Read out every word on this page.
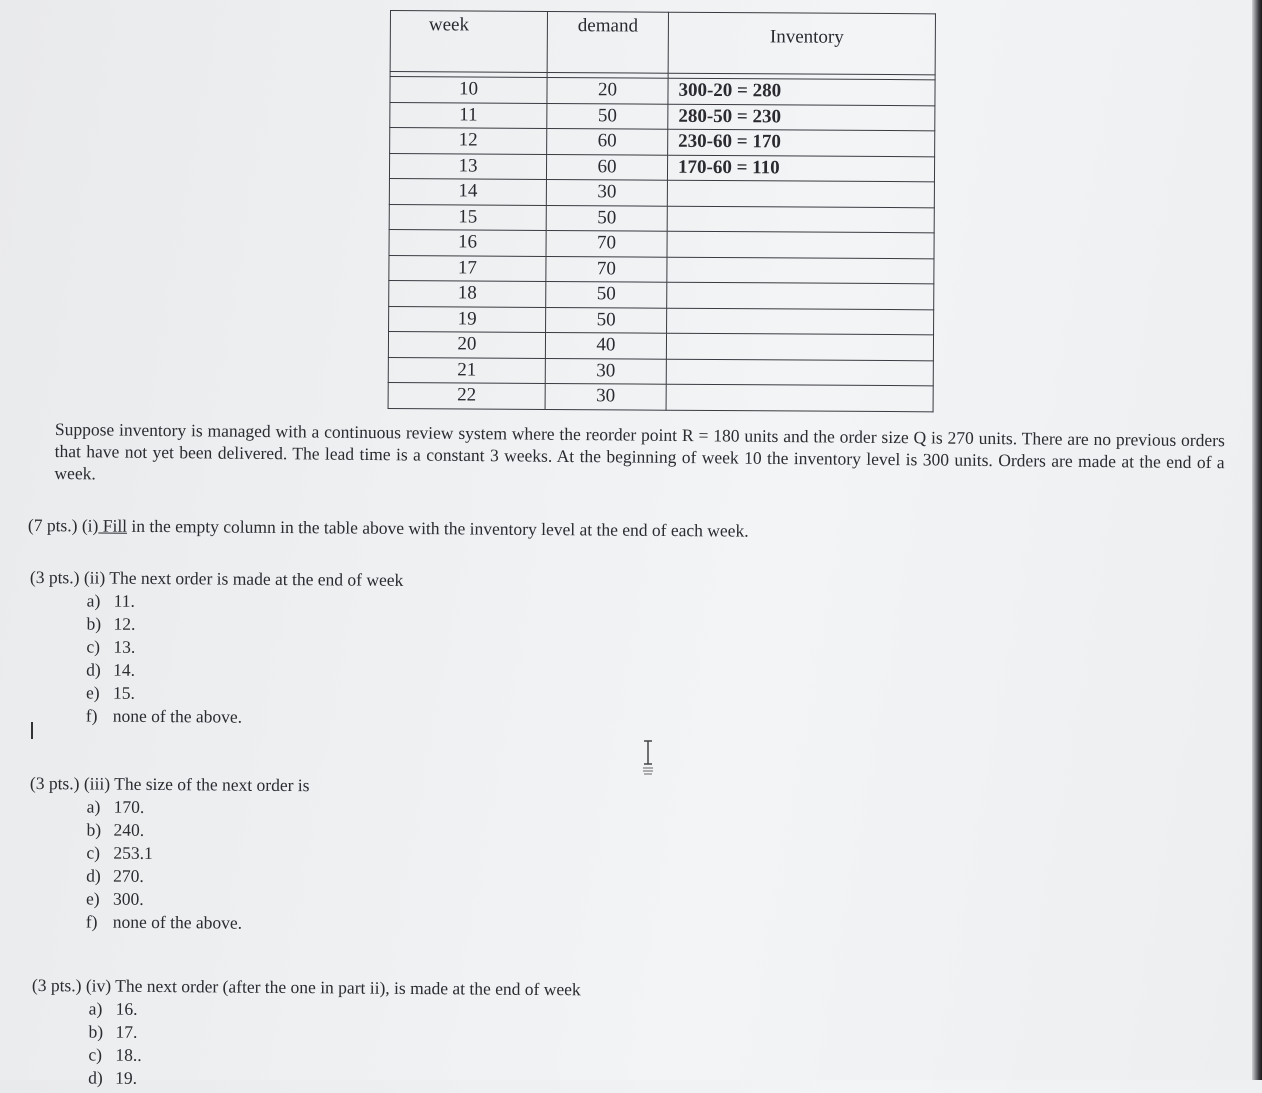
week	demand	Inventory

10	20	300-20 = 280
11	50	280-50 = 230
12	60	230-60 = 170
13	60	170-60 = 110
14	30	
15	50	
16	70	
17	70	
18	50	
19	50	
20	40	
21	30	
22	30	
Suppose inventory is managed with a continuous review system where the reorder point R = 180 units and the order size Q is 270 units. There are no previous orders that have not yet been delivered. The lead time is a constant 3 weeks. At the beginning of week 10 the inventory level is 300 units. Orders are made at the end of a week.
(7 pts.) (i) Fill in the empty column in the table above with the inventory level at the end of each week.
(3 pts.) (ii) The next order is made at the end of week
a) 11.
b) 12.
c) 13.
d) 14.
e) 15.
f) none of the above.
(3 pts.) (iii) The size of the next order is
a) 170.
b) 240.
c) 253.1
d) 270.
e) 300.
f) none of the above.
(3 pts.) (iv) The next order (after the one in part ii), is made at the end of week
a) 16.
b) 17.
c) 18..
d) 19.
